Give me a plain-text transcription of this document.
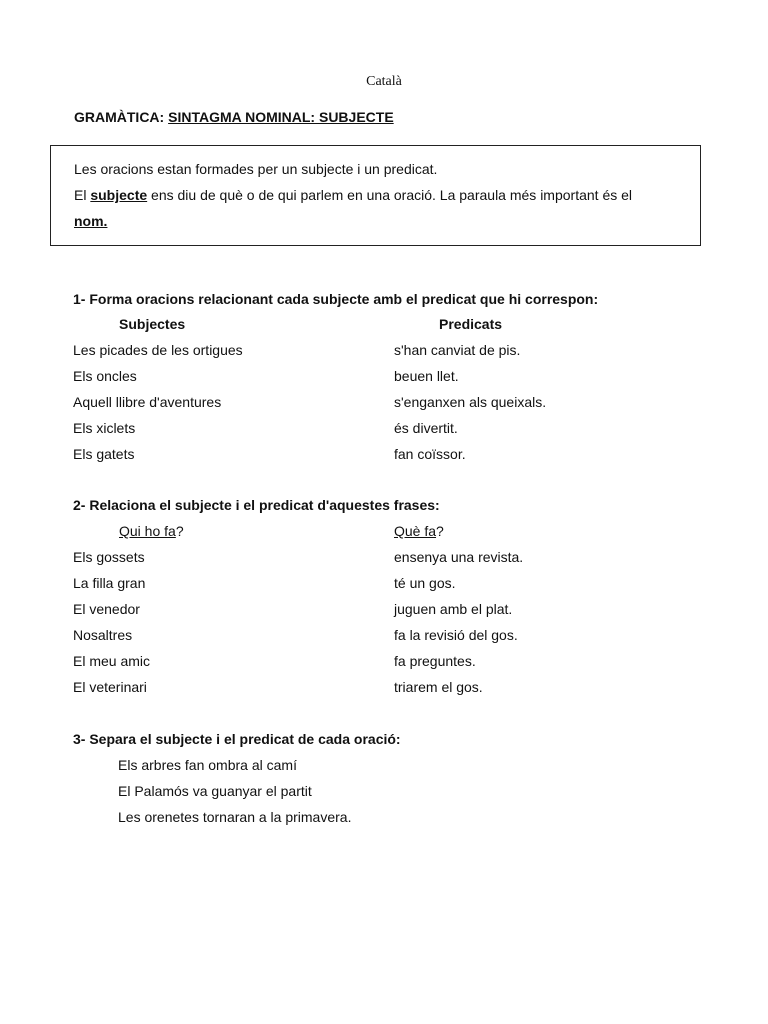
Català
GRAMÀTICA: SINTAGMA NOMINAL: SUBJECTE
Les oracions estan formades per un subjecte i un predicat.
El subjecte ens diu de què o de qui parlem en una oració. La paraula més important és el
nom.
1- Forma oracions relacionant cada subjecte amb el predicat que hi correspon:
Subjectes	Predicats
Les picades de les ortigues
Els oncles
Aquell llibre d'aventures
Els xiclets
Els gatets
s'han canviat de pis.
beuen llet.
s'enganxen als queixals.
és divertit.
fan coïssor.
2- Relaciona el subjecte i el predicat d'aquestes frases:
Qui ho fa?	Què fa?
Els gossets
La filla gran
El venedor
Nosaltres
El meu amic
El veterinari
ensenya una revista.
té un gos.
juguen amb el plat.
fa la revisió del gos.
fa preguntes.
triarem el gos.
3- Separa el subjecte i el predicat de cada oració:
Els arbres fan ombra al camí
El Palamós va guanyar el partit
Les orenetes tornaran a la primavera.
